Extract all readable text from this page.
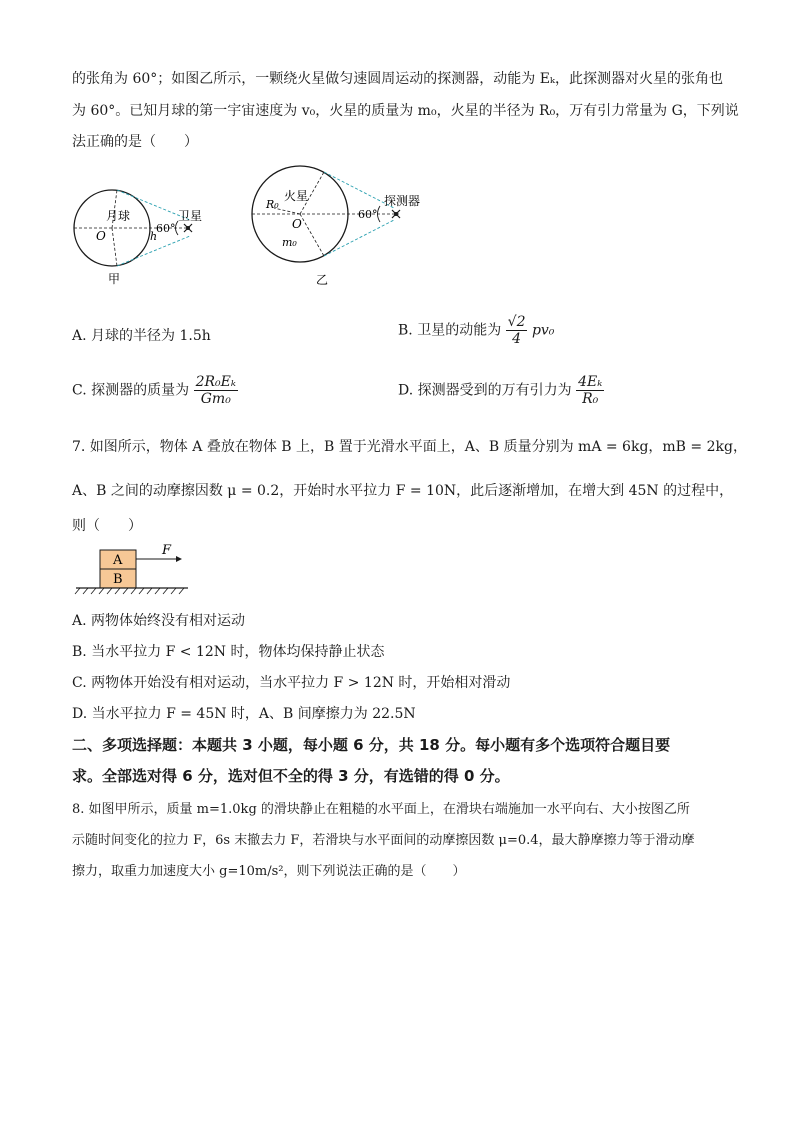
的张角为 60°；如图乙所示，一颗绕火星做匀速圆周运动的探测器，动能为 Eₖ，此探测器对火星的张角也
为 60°。已知月球的第一宇宙速度为 v₀，火星的质量为 m₀，火星的半径为 R₀，万有引力常量为 G，下列说
法正确的是（　　）
月球
O	h
60°
卫星
甲
火星
R₀
O
m₀
60°
探测器
乙
A. 月球的半径为 1.5h	B. 卫星的动能为 $\frac{√2}{4} pv_0$
C. 探测器的质量为 $\frac{\text{2R₀Eₖ}}{\text{Gm₀}}$	D. 探测器受到的万有引力为 $\frac{\text{4Eₖ}}{\text{R₀}}$
7. 如图所示，物体 A 叠放在物体 B 上，B 置于光滑水平面上，A、B 质量分别为 mA = 6kg，mB = 2kg，
A、B 之间的动摩擦因数 μ = 0.2，开始时水平拉力 F = 10N，此后逐渐增加，在增大到 45N 的过程中，
则（　　）
A
B
F
A. 两物体始终没有相对运动
B. 当水平拉力 F < 12N 时，物体均保持静止状态
C. 两物体开始没有相对运动，当水平拉力 F > 12N 时，开始相对滑动
D. 当水平拉力 F = 45N 时，A、B 间摩擦力为 22.5N
二、多项选择题：本题共 3 小题，每小题 6 分，共 18 分。每小题有多个选项符合题目要
求。全部选对得 6 分，选对但不全的得 3 分，有选错的得 0 分。
8. 如图甲所示，质量 m=1.0kg 的滑块静止在粗糙的水平面上，在滑块右端施加一水平向右、大小按图乙所
示随时间变化的拉力 F，6s 末撤去力 F，若滑块与水平面间的动摩擦因数 μ=0.4，最大静摩擦力等于滑动摩
擦力，取重力加速度大小 g=10m/s²，则下列说法正确的是（　　）
